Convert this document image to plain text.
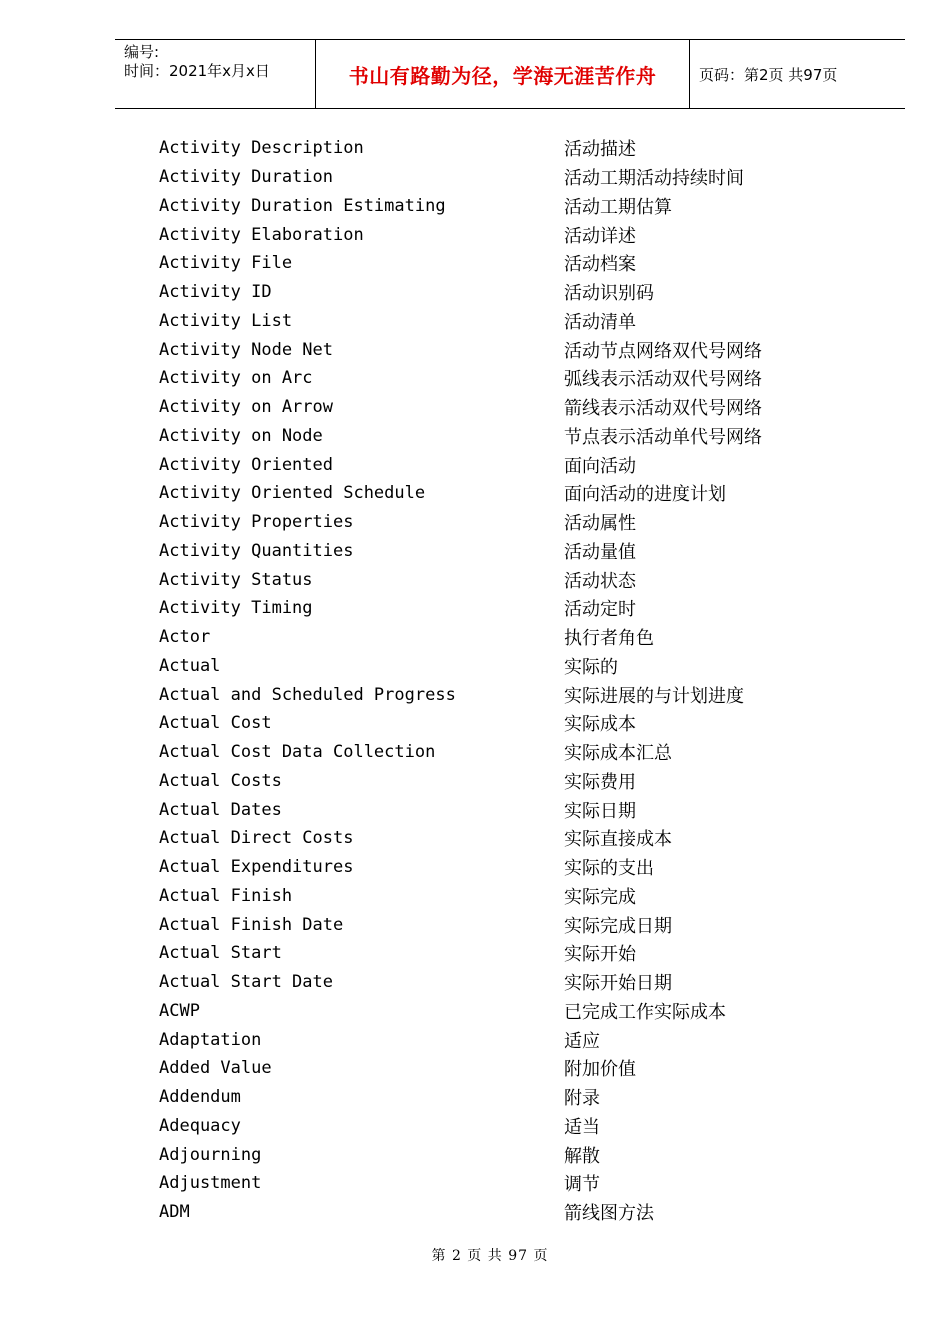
编号:
时间：2021年x月x日	书山有路勤为径，学海无涯苦作舟	页码：第2页 共97页
Activity Description	活动描述
Activity Duration	活动工期活动持续时间
Activity Duration Estimating	活动工期估算
Activity Elaboration	活动详述
Activity File	活动档案
Activity ID	活动识别码
Activity List	活动清单
Activity Node Net	活动节点网络双代号网络
Activity on Arc	弧线表示活动双代号网络
Activity on Arrow	箭线表示活动双代号网络
Activity on Node	节点表示活动单代号网络
Activity Oriented	面向活动
Activity Oriented Schedule	面向活动的进度计划
Activity Properties	活动属性
Activity Quantities	活动量值
Activity Status	活动状态
Activity Timing	活动定时
Actor	执行者角色
Actual	实际的
Actual and Scheduled Progress	实际进展的与计划进度
Actual Cost	实际成本
Actual Cost Data Collection	实际成本汇总
Actual Costs	实际费用
Actual Dates	实际日期
Actual Direct Costs	实际直接成本
Actual Expenditures	实际的支出
Actual Finish	实际完成
Actual Finish Date	实际完成日期
Actual Start	实际开始
Actual Start Date	实际开始日期
ACWP	已完成工作实际成本
Adaptation	适应
Added Value	附加价值
Addendum	附录
Adequacy	适当
Adjourning	解散
Adjustment	调节
ADM	箭线图方法
第 2 页 共 97 页
